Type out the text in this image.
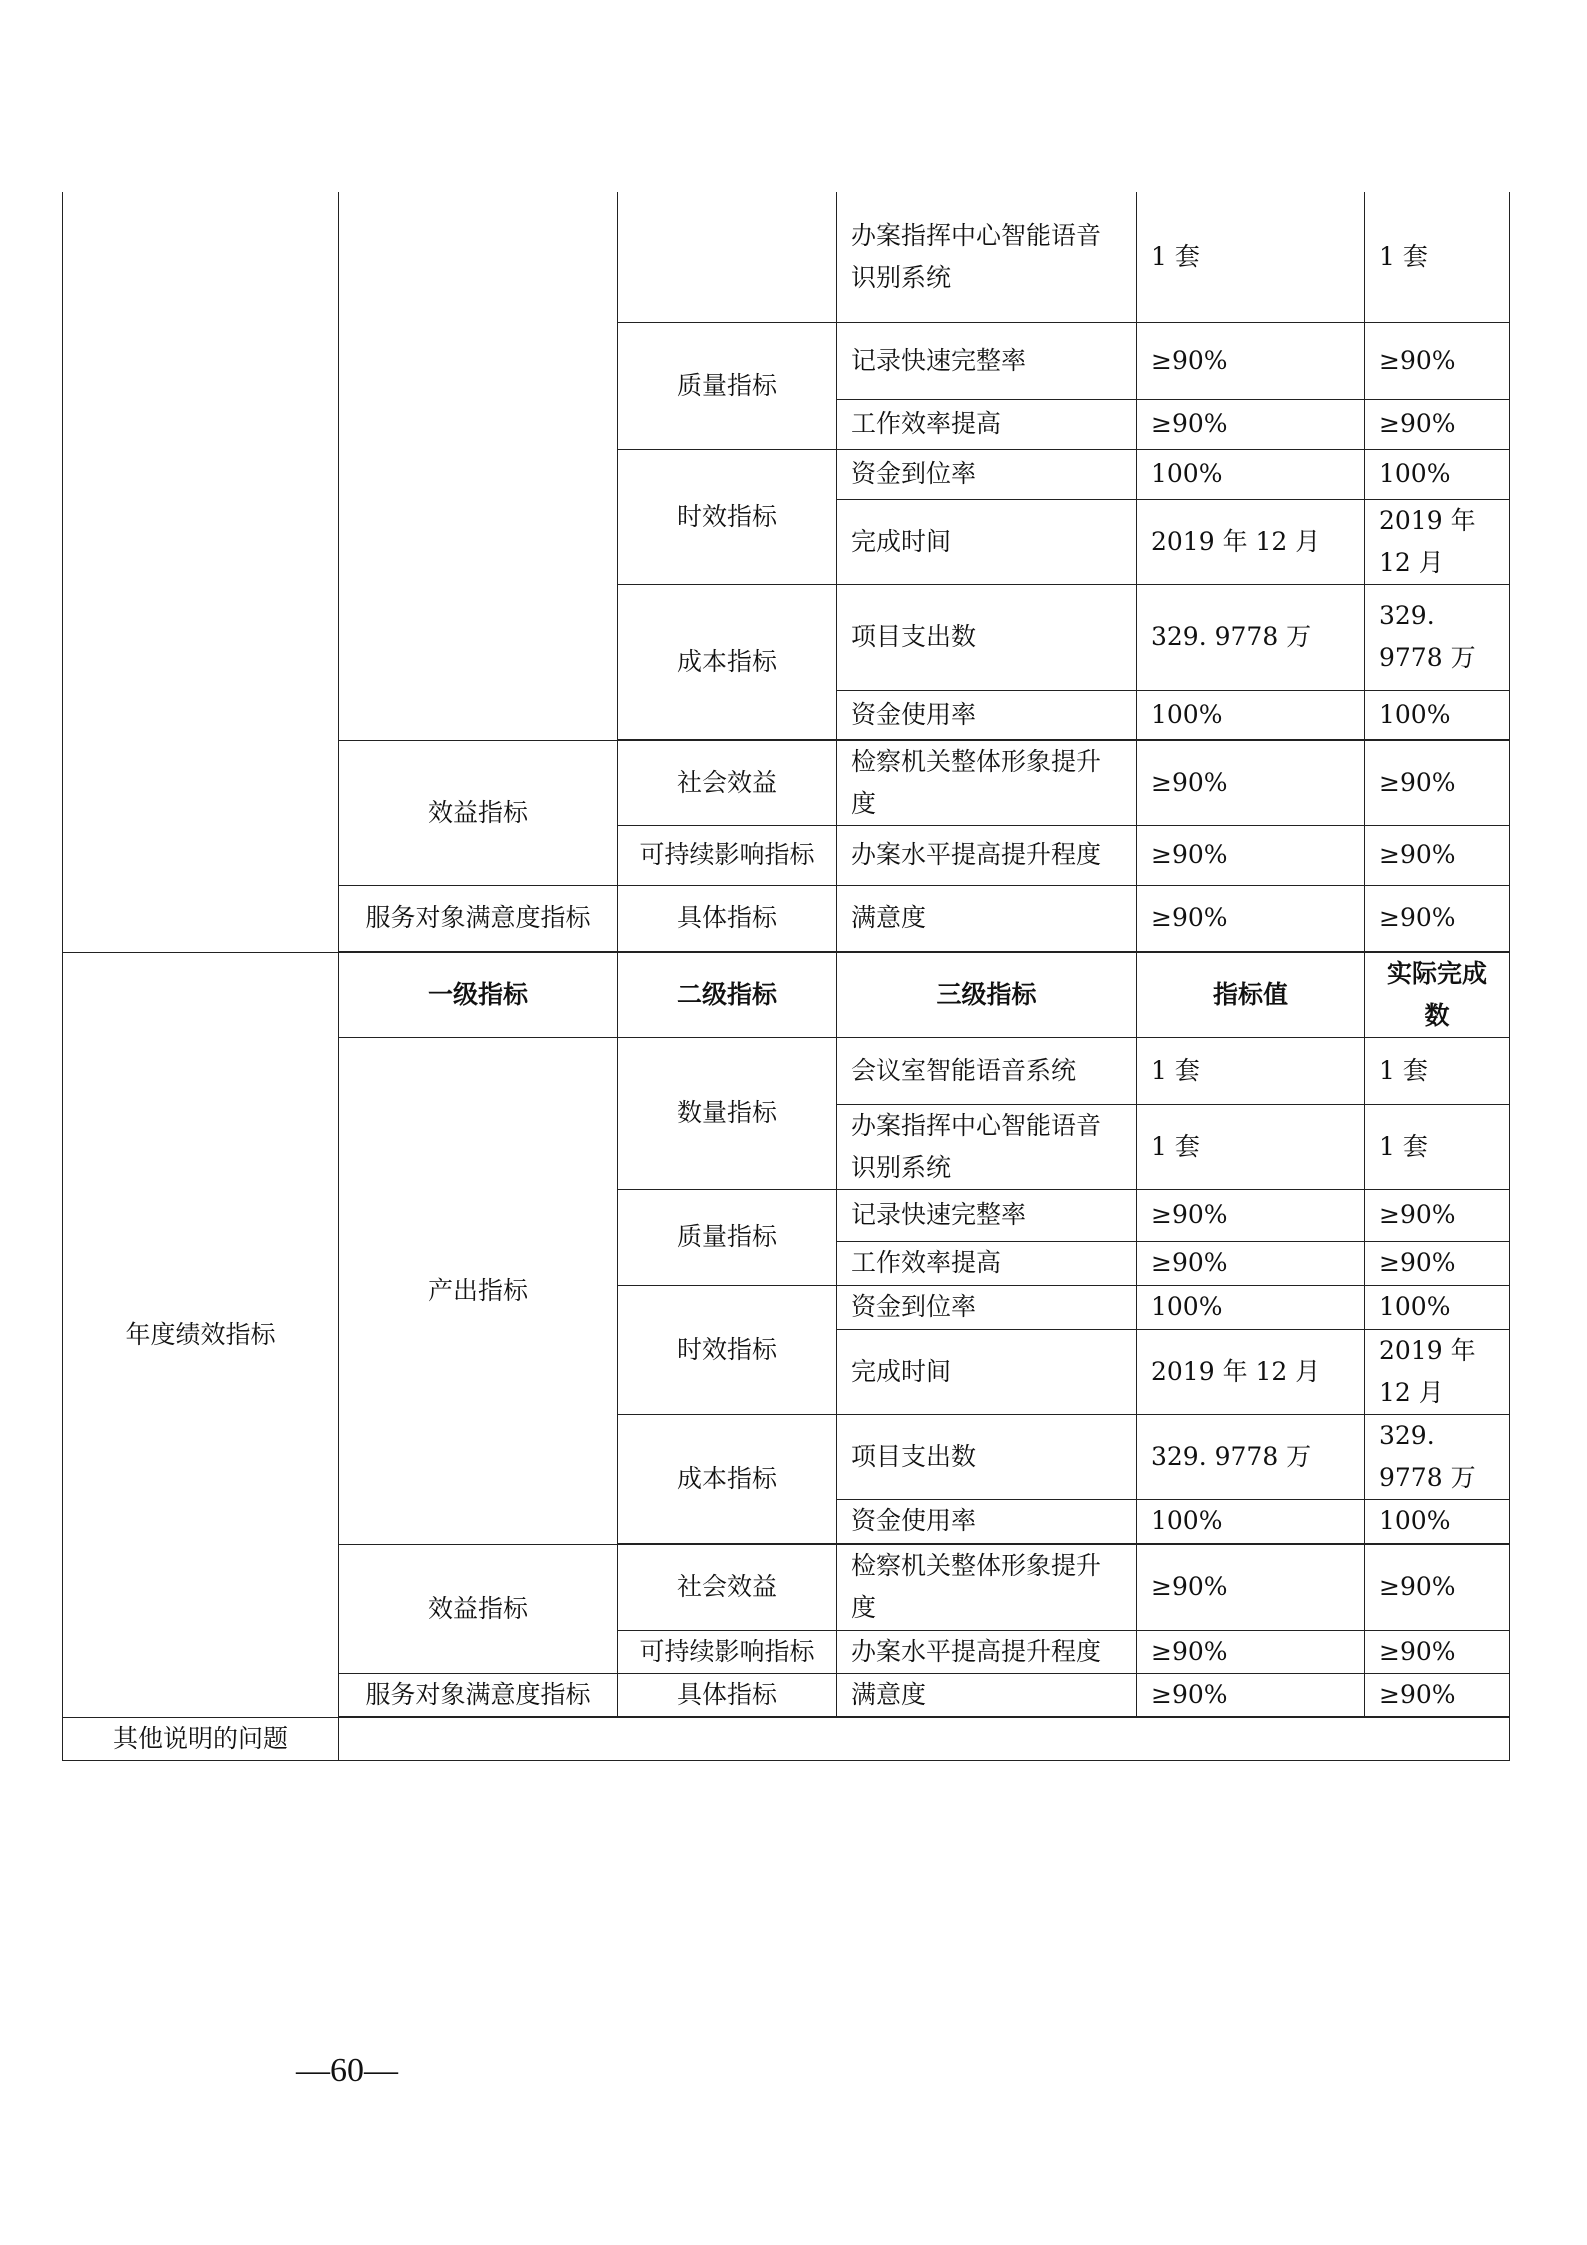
			办案指挥中心智能语音识别系统	1 套	1 套
		质量指标	记录快速完整率	≥90%	≥90%
			工作效率提高	≥90%	≥90%
		时效指标	资金到位率	100%	100%
			完成时间	2019 年 12 月	2019 年 12 月
		成本指标	项目支出数	329. 9778 万	329. 9778 万
			资金使用率	100%	100%

	效益指标	社会效益	检察机关整体形象提升度	≥90%	≥90%
		可持续影响指标	办案水平提高提升程度	≥90%	≥90%
	服务对象满意度指标	具体指标	满意度	≥90%	≥90%

年度绩效指标	一级指标	二级指标	三级指标	指标值	实际完成数
	产出指标	数量指标	会议室智能语音系统	1 套	1 套
			办案指挥中心智能语音识别系统	1 套	1 套
		质量指标	记录快速完整率	≥90%	≥90%
			工作效率提高	≥90%	≥90%
		时效指标	资金到位率	100%	100%
			完成时间	2019 年 12 月	2019 年 12 月
		成本指标	项目支出数	329. 9778 万	329. 9778 万
			资金使用率	100%	100%

	效益指标	社会效益	检察机关整体形象提升度	≥90%	≥90%
		可持续影响指标	办案水平提高提升程度	≥90%	≥90%
	服务对象满意度指标	具体指标	满意度	≥90%	≥90%

其他说明的问题					
—60—
